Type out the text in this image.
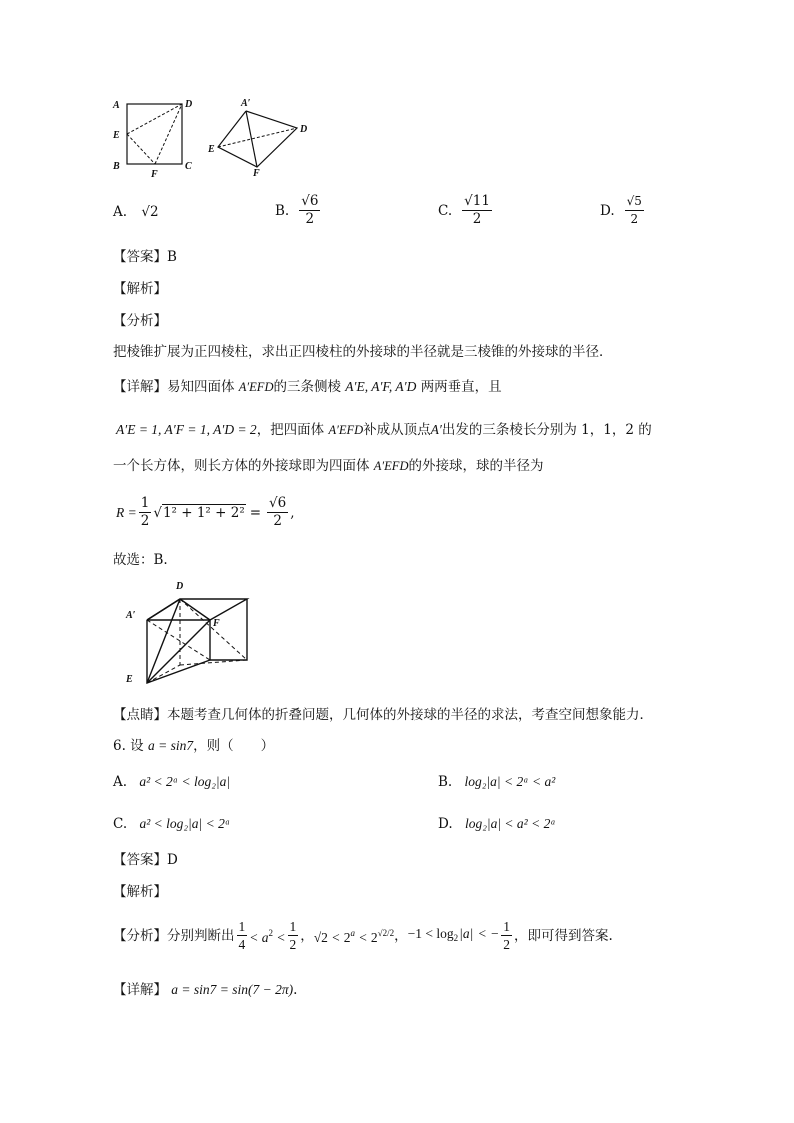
A	D
E
B
F
C
A′
D
E
F
A. √2	B. $\frac{√6}{2}$	C. $\frac{√11}{2}$	D. $\frac{√5}{2}$
【答案】B
【解析】
【分析】
把棱锥扩展为正四棱柱，求出正四棱柱的外接球的半径就是三棱锥的外接球的半径．
【详解】易知四面体 A′EFD的三条侧棱 A′E, A′F, A′D 两两垂直，且
A′E = 1, A′F = 1, A′D = 2，把四面体 A′EFD补成从顶点A′出发的三条棱长分别为 1，1，2 的
一个长方体，则长方体的外接球即为四面体 A′EFD的外接球，球的半径为
$R = \frac{1}{2}$ √ $1^2 + 1^2 + 2^2 = \frac{√6}{2}$ ,
故选：B.
D
A′
F
E
【点睛】本题考查几何体的折叠问题，几何体的外接球的半径的求法，考查空间想象能力．
6. 设 a = sin7，则（　　）
A. a² < 2ᵃ < log₂|a|	B. log₂|a| < 2ᵃ < a²
C. a² < log₂|a| < 2ᵃ	D. log₂|a| < a² < 2ᵃ
【答案】D
【解析】
【分析】 分别判断出 $\frac{1}{4} < a^2 < \frac{1}{2}$ ， $√2 < 2^a < 2^{√2/2}$ ， $-1 < \log_2|a|$ < − $\frac{1}{2}$ ，即可得到答案.
【详解】 a = sin7 = sin(7 − 2π).
